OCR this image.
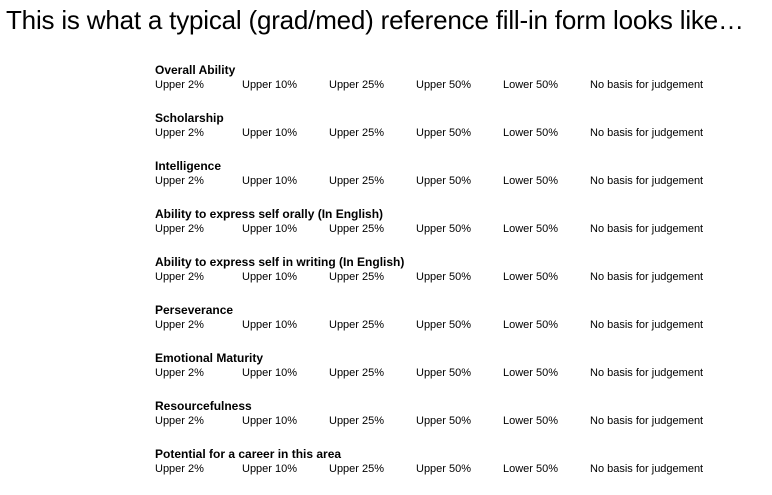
This is what a typical (grad/med) reference fill-in form looks like…
Overall Ability
Upper 2%	Upper 10%	Upper 25%	Upper 50%	Lower 50%	No basis for judgement
Scholarship
Upper 2%	Upper 10%	Upper 25%	Upper 50%	Lower 50%	No basis for judgement
Intelligence
Upper 2%	Upper 10%	Upper 25%	Upper 50%	Lower 50%	No basis for judgement
Ability to express self orally (In English)
Upper 2%	Upper 10%	Upper 25%	Upper 50%	Lower 50%	No basis for judgement
Ability to express self in writing (In English)
Upper 2%	Upper 10%	Upper 25%	Upper 50%	Lower 50%	No basis for judgement
Perseverance
Upper 2%	Upper 10%	Upper 25%	Upper 50%	Lower 50%	No basis for judgement
Emotional Maturity
Upper 2%	Upper 10%	Upper 25%	Upper 50%	Lower 50%	No basis for judgement
Resourcefulness
Upper 2%	Upper 10%	Upper 25%	Upper 50%	Lower 50%	No basis for judgement
Potential for a career in this area
Upper 2%	Upper 10%	Upper 25%	Upper 50%	Lower 50%	No basis for judgement
